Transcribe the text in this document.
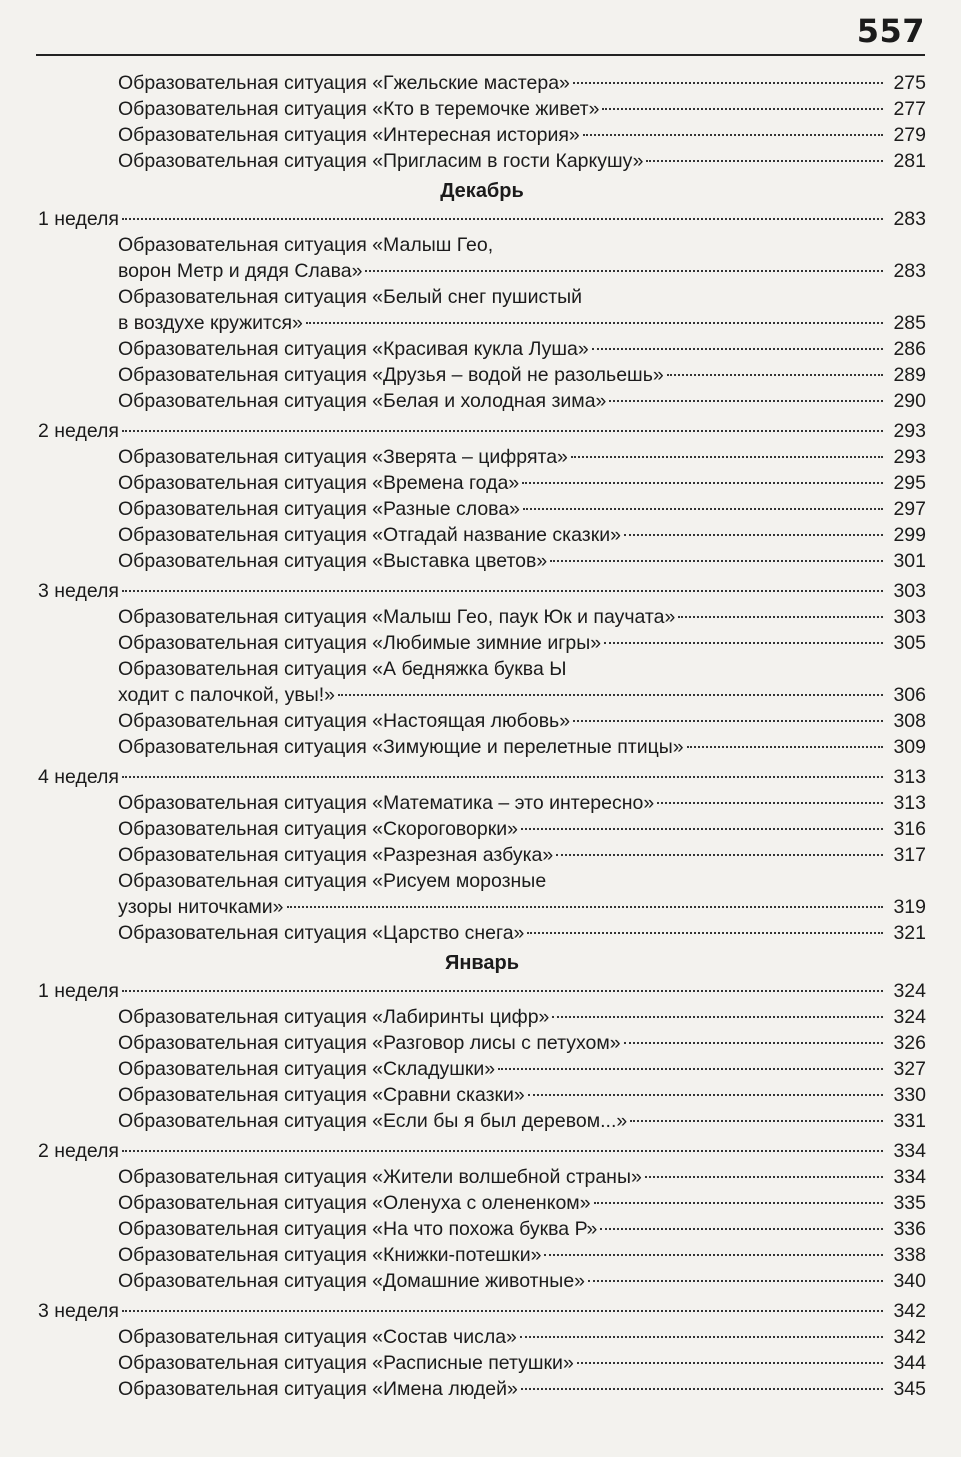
557
Образовательная ситуация «Гжельские мастера»	275
Образовательная ситуация «Кто в теремочке живет»	277
Образовательная ситуация «Интересная история»	279
Образовательная ситуация «Пригласим в гости Каркушу»	281
Декабрь
1 неделя	283
Образовательная ситуация «Малыш Гео,
ворон Метр и дядя Слава»	283
Образовательная ситуация «Белый снег пушистый
в воздухе кружится»	285
Образовательная ситуация «Красивая кукла Луша»	286
Образовательная ситуация «Друзья – водой не разольешь»	289
Образовательная ситуация «Белая и холодная зима»	290
2 неделя	293
Образовательная ситуация «Зверята – цифрята»	293
Образовательная ситуация «Времена года»	295
Образовательная ситуация «Разные слова»	297
Образовательная ситуация «Отгадай название сказки»	299
Образовательная ситуация «Выставка цветов»	301
3 неделя	303
Образовательная ситуация «Малыш Гео, паук Юк и паучата»	303
Образовательная ситуация «Любимые зимние игры»	305
Образовательная ситуация «А бедняжка буква Ы
ходит с палочкой, увы!»	306
Образовательная ситуация «Настоящая любовь»	308
Образовательная ситуация «Зимующие и перелетные птицы»	309
4 неделя	313
Образовательная ситуация «Математика – это интересно»	313
Образовательная ситуация «Скороговорки»	316
Образовательная ситуация «Разрезная азбука»	317
Образовательная ситуация «Рисуем морозные
узоры ниточками»	319
Образовательная ситуация «Царство снега»	321
Январь
1 неделя	324
Образовательная ситуация «Лабиринты цифр»	324
Образовательная ситуация «Разговор лисы с петухом»	326
Образовательная ситуация «Складушки»	327
Образовательная ситуация «Сравни сказки»	330
Образовательная ситуация «Если бы я был деревом...»	331
2 неделя	334
Образовательная ситуация «Жители волшебной страны»	334
Образовательная ситуация «Оленуха с олененком»	335
Образовательная ситуация «На что похожа буква Р»	336
Образовательная ситуация «Книжки-потешки»	338
Образовательная ситуация «Домашние животные»	340
3 неделя	342
Образовательная ситуация «Состав числа»	342
Образовательная ситуация «Расписные петушки»	344
Образовательная ситуация «Имена людей»	345
